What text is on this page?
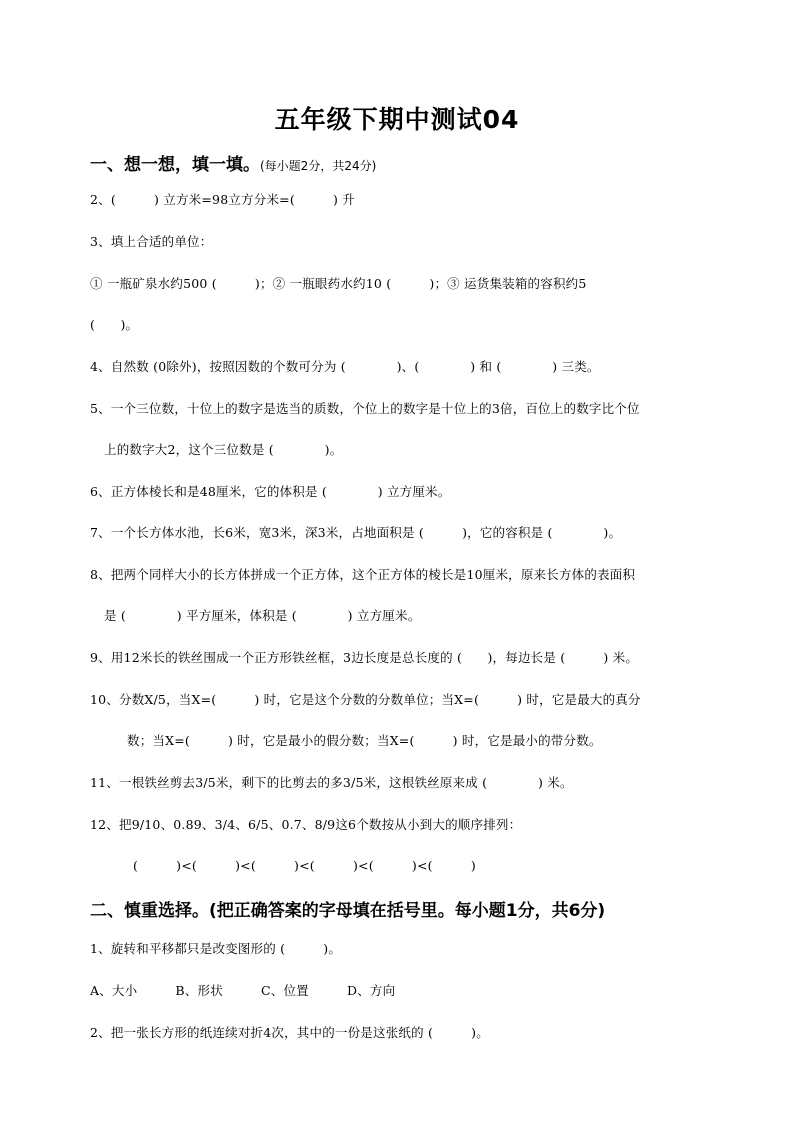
五年级下期中测试04
一、想一想，填一填。(每小题2分，共24分)
2、(　　　) 立方米=98立方分米=(　　　) 升
3、填上合适的单位：
① 一瓶矿泉水约500 (　　　)；② 一瓶眼药水约10 (　　　)；③ 运货集装箱的容积约5
(　　)。
4、自然数 (0除外)，按照因数的个数可分为 (　　　　)、(　　　　) 和 (　　　　) 三类。
5、一个三位数，十位上的数字是选当的质数，个位上的数字是十位上的3倍，百位上的数字比个位
上的数字大2，这个三位数是 (　　　　)。
6、正方体棱长和是48厘米，它的体积是 (　　　　) 立方厘米。
7、一个长方体水池，长6米，宽3米，深3米，占地面积是 (　　　)，它的容积是 (　　　　)。
8、把两个同样大小的长方体拼成一个正方体，这个正方体的棱长是10厘米，原来长方体的表面积
是 (　　　　) 平方厘米，体积是 (　　　　) 立方厘米。
9、用12米长的铁丝围成一个正方形铁丝框，3边长度是总长度的 (　　)，每边长是 (　　　) 米。
10、分数X/5，当X=(　　　) 时，它是这个分数的分数单位；当X=(　　　) 时，它是最大的真分
数；当X=(　　　) 时，它是最小的假分数；当X=(　　　) 时，它是最小的带分数。
11、一根铁丝剪去3/5米，剩下的比剪去的多3/5米，这根铁丝原来成 (　　　　) 米。
12、把9/10、0.89、3/4、6/5、0.7、8/9这6个数按从小到大的顺序排列：
(　　　)<(　　　)<(　　　)<(　　　)<(　　　)<(　　　)
二、慎重选择。(把正确答案的字母填在括号里。每小题1分，共6分)
1、旋转和平移都只是改变图形的 (　　　)。
A、大小　　　B、形状　　　C、位置　　　D、方向
2、把一张长方形的纸连续对折4次，其中的一份是这张纸的 (　　　)。
